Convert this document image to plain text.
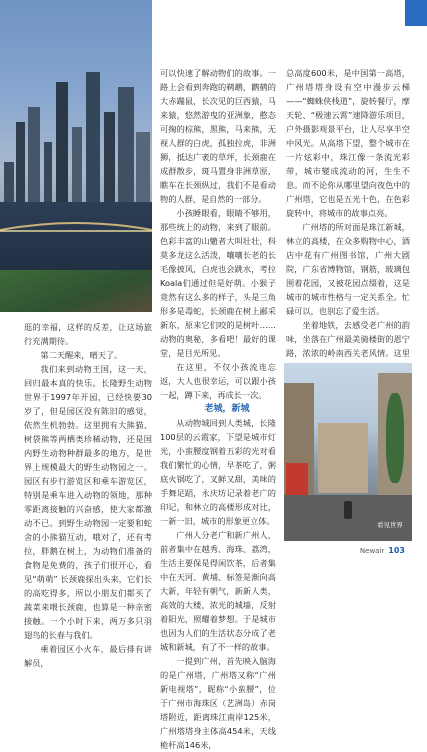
逛的幸福，这样的反差，让这场旅行充满期待。

第二天醒来，晴天了。

我们来到动物王国，这一天，回归最本真的快乐。长隆野生动物世界于1997年开园，已经快要30岁了，但是园区没有陈旧的感觉，依然生机勃勃。这里拥有大熊猫、树袋熊等两栖类珍稀动物，还是国内野生动物种群最多的地方，是世界上规模最大的野生动物园之一。园区有步行游览区和乘车游览区，特别是乘车进入动物的领地，那种零距离接触的兴奋感，使大家都激动不已。到野生动物园一定要和蛇舍的小熊猫互动，哦对了，还有考拉，胖鹅在树上，为动物们准备的食物是免费的，孩子们很开心，看见“萌萌” 长颈鹿探出头来，它们长的高吃得多，所以小朋友们都买了蔬菜来喂长颈鹿，也算是一种亲密接触。一个小时下来，两万多只羽翅鸟的长春与我们。

乘着园区小火车，最后排有讲解员，

可以快速了解动物们的故事。一路上会看到奔跑的鹈鹕，鹳鹤的大赤蹦鼠，长次见的巨西猿，马来猿，悠然游曳的亚洲象，憨态可掬的棕熊，黑熊，马来熊，无视人群的白虎，孤独拉虎，非洲狮，抵达广袤的草坪，长颈鹿在成群散步，斑马置身非洲草原，瞧车在长颈纵过，我们不是看动物的人群，是自然的一部分。

小孩睡眼看，眼睛不够用，那些统上的动物，来到了眼前。色彩丰富的山魈者大叫壮壮，科莫多龙这么活泼，嚷嚷长老的长毛像披风，白虎也会跳水，考拉Koala们通过但是好萌。小猴子竟然有这么多的样子，头是三角形多是毒蛇，长颈鹿在树上鄙采新东，原来它们咬的是树叶……动物的奥秘，多看吧！最好的课堂，是目光所见。

在这里，不仅小孩流连忘返，大人也很幸运，可以跟小孩一起，蹲下来，再成长一次。

老城，新城

从动物城回到人类城，长隆100层的云霞家，下望是城市灯光，小蛮腰度钢着五彩的光对看我们繁忙的心情，早茶吃了，粥底火锅吃了，叉鲜又甜，美味的手舞足蹈，永庆坊记录着老广的印记，和林立的高楼形成对比，一新一旧，城市的形象更立体。

广州人分老广和新广州人，前者集中在越秀、海珠、荔湾，生活主要保是得闲饮茶，后者集中在天河、黄埔、标签是渐向高大新，年轻有朝气，新新人类，高效的大楼，浓光的城墙，反射着阳光，照耀着梦想。于是城市也因为人们的生活状态分成了老城和新城，有了不一样的故事。

一提到广州，首先映入脑海的是广州塔，广州塔又称“广州新电视塔”，昵称“小蛮腰”，位于广州市海珠区（艺洲岛）赤岗塔附近，距离珠江南岸125米，广州塔塔身主体高454米，天线桅杆高146米，

总高度600米，是中国第一高塔，广州塔塔身设有空中漫步云梯——“蜘蛛侠栈道”，旋转餐厅，摩天轮、“极速云霄”速降游乐项目，户外摄影观景平台，让人尽享半空中风光。从高塔下望，整个城市在一片炫彩中，珠江像一条流光彩带，城市變成流动的河，生生不息。而不论你从哪里望向夜色中的广州塔，它也是五光十色，在色彩旋转中，将城市的故事点亮。

广州塔的所对面是珠江新城，林立的高楼，在众多购物中心，酒店中花有广州图书馆，广州大剧院，广东省博物馆，钢筋，玻璃包围着花园，又被花园点缀着，这是城市的城市性格与一定关系全。忙碌可以，也别忘了爱生活。

坐着地铁，去感受老广州的韵味，坐落在广州最美骑楼街的恩宁路，浓浓的岭南西关老风情。这里

看见世界
Newair 103
